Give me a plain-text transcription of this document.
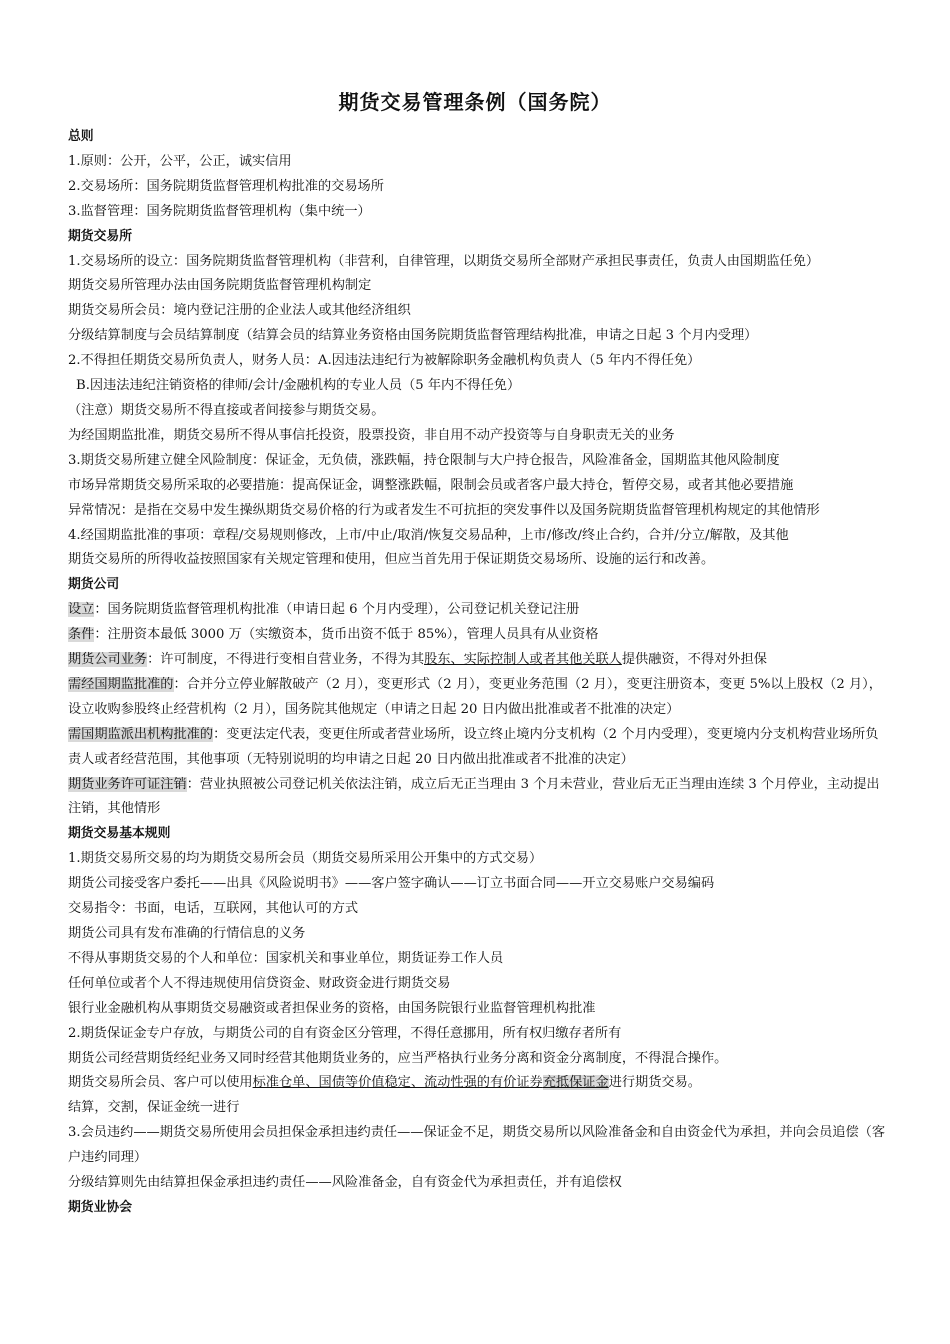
期货交易管理条例（国务院）
总则
1.原则：公开，公平，公正，诚实信用
2.交易场所：国务院期货监督管理机构批准的交易场所
3.监督管理：国务院期货监督管理机构（集中统一）
期货交易所
1.交易场所的设立：国务院期货监督管理机构（非营利，自律管理，以期货交易所全部财产承担民事责任，负责人由国期监任免）
期货交易所管理办法由国务院期货监督管理机构制定
期货交易所会员：境内登记注册的企业法人或其他经济组织
分级结算制度与会员结算制度（结算会员的结算业务资格由国务院期货监督管理结构批准，申请之日起 3 个月内受理）
2.不得担任期货交易所负责人，财务人员：A.因违法违纪行为被解除职务金融机构负责人（5 年内不得任免）
B.因违法违纪注销资格的律师/会计/金融机构的专业人员（5 年内不得任免）
（注意）期货交易所不得直接或者间接参与期货交易。
为经国期监批准，期货交易所不得从事信托投资，股票投资，非自用不动产投资等与自身职责无关的业务
3.期货交易所建立健全风险制度：保证金，无负债，涨跌幅，持仓限制与大户持仓报告，风险准备金，国期监其他风险制度
市场异常期货交易所采取的必要措施：提高保证金，调整涨跌幅，限制会员或者客户最大持仓，暂停交易，或者其他必要措施
异常情况：是指在交易中发生操纵期货交易价格的行为或者发生不可抗拒的突发事件以及国务院期货监督管理机构规定的其他情形
4.经国期监批准的事项：章程/交易规则修改，上市/中止/取消/恢复交易品种，上市/修改/终止合约，合并/分立/解散，及其他
期货交易所的所得收益按照国家有关规定管理和使用，但应当首先用于保证期货交易场所、设施的运行和改善。
期货公司
设立：国务院期货监督管理机构批准（申请日起 6 个月内受理），公司登记机关登记注册
条件：注册资本最低 3000 万（实缴资本，货币出资不低于 85%），管理人员具有从业资格
期货公司业务：许可制度，不得进行变相自营业务，不得为其股东、实际控制人或者其他关联人提供融资，不得对外担保
需经国期监批准的：合并分立停业解散破产（2 月），变更形式（2 月），变更业务范围（2 月），变更注册资本，变更 5%以上股权（2 月），设立收购参股终止经营机构（2 月），国务院其他规定（申请之日起 20 日内做出批准或者不批准的决定）
需国期监派出机构批准的：变更法定代表，变更住所或者营业场所，设立终止境内分支机构（2 个月内受理），变更境内分支机构营业场所负责人或者经营范围，其他事项（无特别说明的均申请之日起 20 日内做出批准或者不批准的决定）
期货业务许可证注销：营业执照被公司登记机关依法注销，成立后无正当理由 3 个月未营业，营业后无正当理由连续 3 个月停业，主动提出注销，其他情形
期货交易基本规则
1.期货交易所交易的均为期货交易所会员（期货交易所采用公开集中的方式交易）
期货公司接受客户委托——出具《风险说明书》——客户签字确认——订立书面合同——开立交易账户交易编码
交易指令：书面，电话，互联网，其他认可的方式
期货公司具有发布准确的行情信息的义务
不得从事期货交易的个人和单位：国家机关和事业单位，期货证券工作人员
任何单位或者个人不得违规使用信贷资金、财政资金进行期货交易
银行业金融机构从事期货交易融资或者担保业务的资格，由国务院银行业监督管理机构批准
2.期货保证金专户存放，与期货公司的自有资金区分管理，不得任意挪用，所有权归缴存者所有
期货公司经营期货经纪业务又同时经营其他期货业务的，应当严格执行业务分离和资金分离制度，不得混合操作。
期货交易所会员、客户可以使用标准仓单、国债等价值稳定、流动性强的有价证券充抵保证金进行期货交易。
结算，交割，保证金统一进行
3.会员违约——期货交易所使用会员担保金承担违约责任——保证金不足，期货交易所以风险准备金和自由资金代为承担，并向会员追偿（客户违约同理）
分级结算则先由结算担保金承担违约责任——风险准备金，自有资金代为承担责任，并有追偿权
期货业协会
